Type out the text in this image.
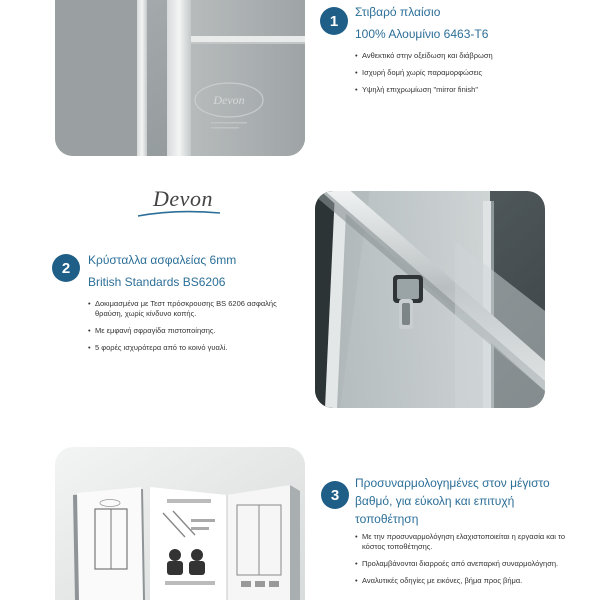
Devon
1
Στιβαρό πλαίσιο
100% Αλουμίνιο 6463-T6
• Ανθεκτικό στην οξείδωση και διάβρωση
• Ισχυρή δομή χωρίς παραμορφώσεις
• Υψηλή επιχρωμίωση "mirror finish"
Devon
2	Κρύσταλλα ασφαλείας 6mm
British Standards BS6206
• Δοκιμασμένα με Τεστ πρόσκρουσης BS 6206 ασφαλής θραύση, χωρίς κίνδυνο κοπής.
• Με εμφανή σφραγίδα πιστοποίησης.
• 5 φορές ισχυρότερα από το κοινό γυαλί.
3
Προσυναρμολογημένες στον μέγιστο βαθμό, για εύκολη και επιτυχή τοποθέτηση
• Με την προσυναρμολόγηση ελαχιστοποιείται η εργασία και το κόστος τοποθέτησης.
• Προλαμβάνονται διαρροές από ανεπαρκή συναρμολόγηση.
• Αναλυτικές οδηγίες με εικόνες, βήμα προς βήμα.
